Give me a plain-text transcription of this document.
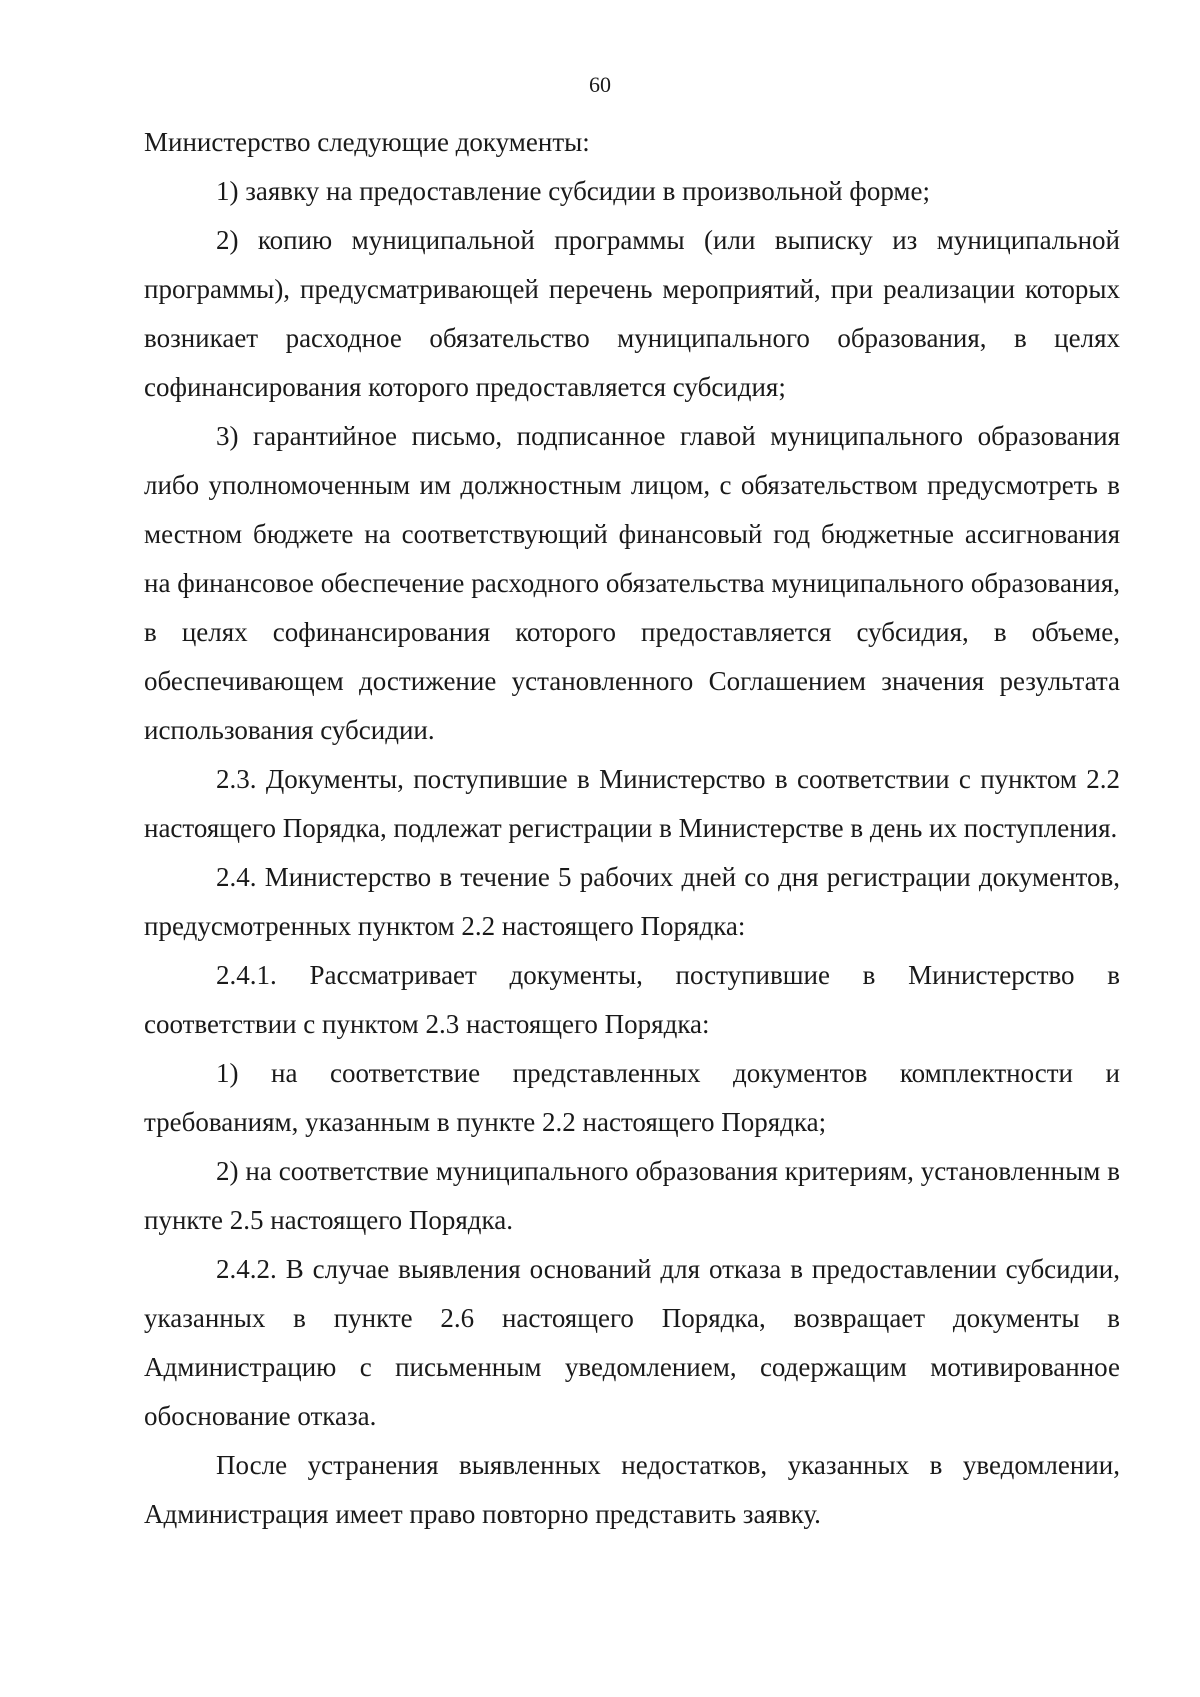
60

Министерство следующие документы:

1) заявку на предоставление субсидии в произвольной форме;

2) копию муниципальной программы (или выписку из муниципальной программы), предусматривающей перечень мероприятий, при реализации которых возникает расходное обязательство муниципального образования, в целях софинансирования которого предоставляется субсидия;

3) гарантийное письмо, подписанное главой муниципального образования либо уполномоченным им должностным лицом, с обязательством предусмотреть в местном бюджете на соответствующий финансовый год бюджетные ассигнования на финансовое обеспечение расходного обязательства муниципального образования, в целях софинансирования которого предоставляется субсидия, в объеме, обеспечивающем достижение установленного Соглашением значения результата использования субсидии.

2.3. Документы, поступившие в Министерство в соответствии с пунктом 2.2 настоящего Порядка, подлежат регистрации в Министерстве в день их поступления.

2.4. Министерство в течение 5 рабочих дней со дня регистрации документов, предусмотренных пунктом 2.2 настоящего Порядка:

2.4.1. Рассматривает документы, поступившие в Министерство в соответствии с пунктом 2.3 настоящего Порядка:

1) на соответствие представленных документов комплектности и требованиям, указанным в пункте 2.2 настоящего Порядка;

2) на соответствие муниципального образования критериям, установленным в пункте 2.5 настоящего Порядка.

2.4.2. В случае выявления оснований для отказа в предоставлении субсидии, указанных в пункте 2.6 настоящего Порядка, возвращает документы в Администрацию с письменным уведомлением, содержащим мотивированное обоснование отказа.

После устранения выявленных недостатков, указанных в уведомлении, Администрация имеет право повторно представить заявку.
